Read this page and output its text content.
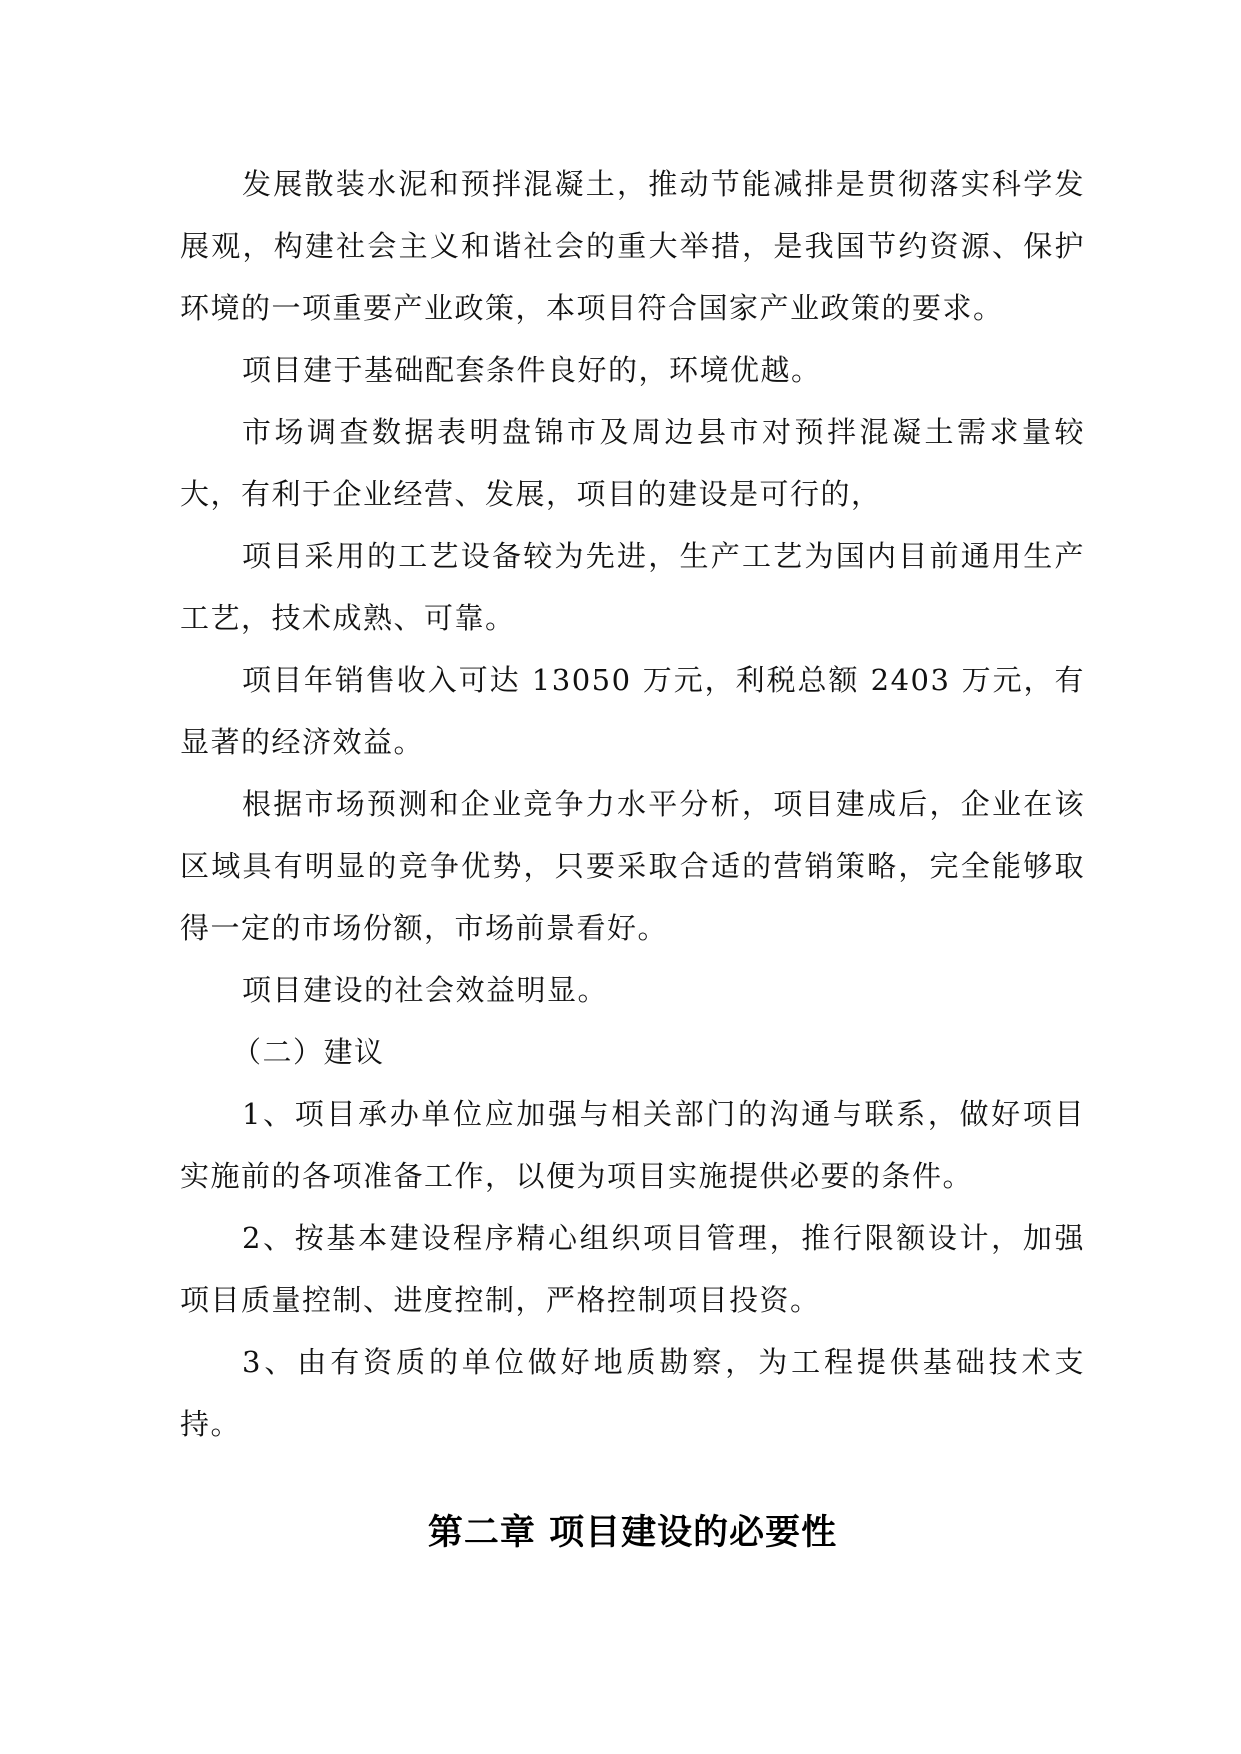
发展散装水泥和预拌混凝土，推动节能减排是贯彻落实科学发展观，构建社会主义和谐社会的重大举措，是我国节约资源、保护环境的一项重要产业政策，本项目符合国家产业政策的要求。

项目建于基础配套条件良好的，环境优越。

市场调查数据表明盘锦市及周边县市对预拌混凝土需求量较大，有利于企业经营、发展，项目的建设是可行的，

项目采用的工艺设备较为先进，生产工艺为国内目前通用生产工艺，技术成熟、可靠。

项目年销售收入可达 13050 万元，利税总额 2403 万元，有显著的经济效益。

根据市场预测和企业竞争力水平分析，项目建成后，企业在该区域具有明显的竞争优势，只要采取合适的营销策略，完全能够取得一定的市场份额，市场前景看好。

项目建设的社会效益明显。

（二）建议

1、项目承办单位应加强与相关部门的沟通与联系，做好项目实施前的各项准备工作，以便为项目实施提供必要的条件。

2、按基本建设程序精心组织项目管理，推行限额设计，加强项目质量控制、进度控制，严格控制项目投资。

3、由有资质的单位做好地质勘察，为工程提供基础技术支持。

第二章 项目建设的必要性
